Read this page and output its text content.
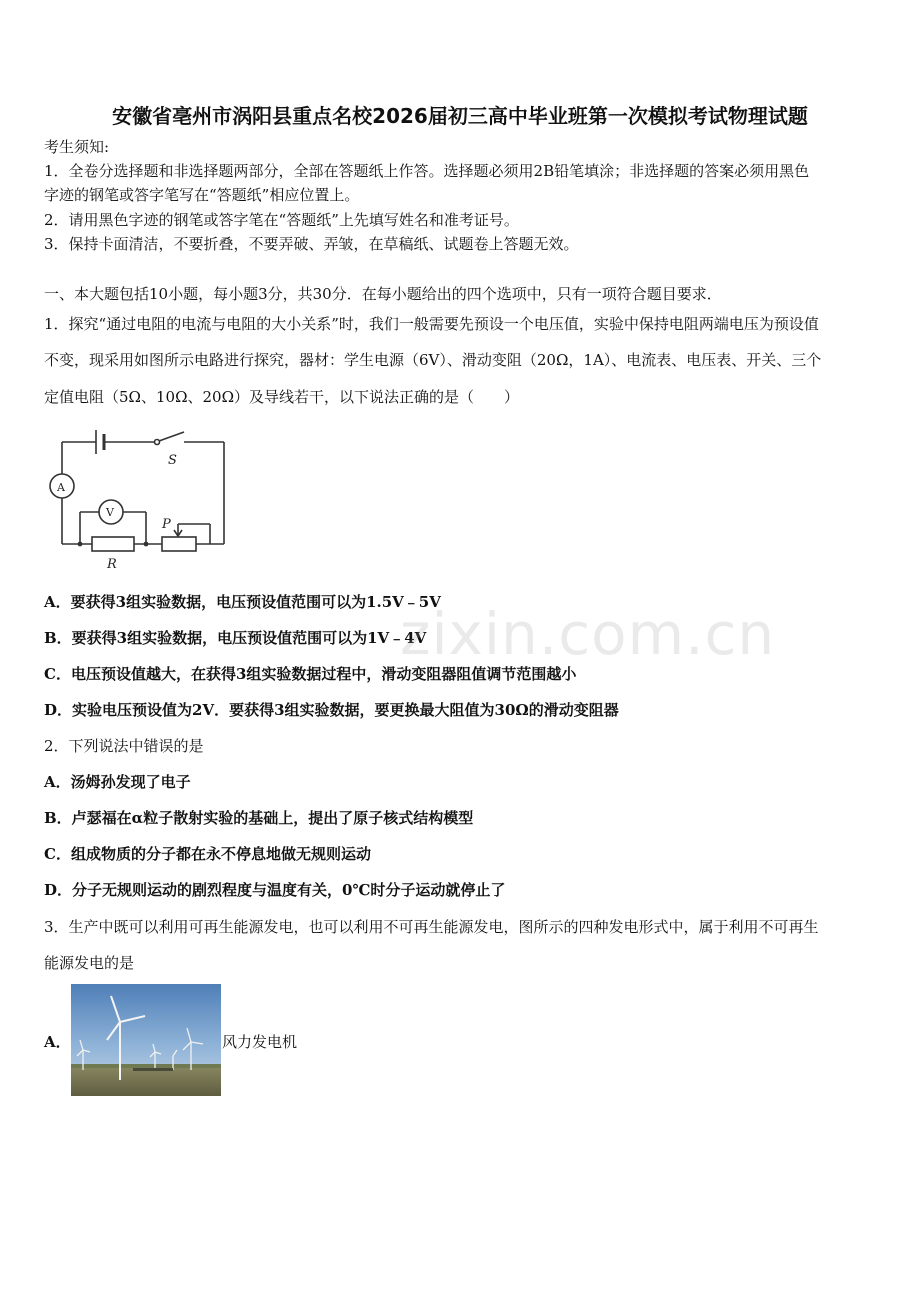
安徽省亳州市涡阳县重点名校2026届初三高中毕业班第一次模拟考试物理试题
考生须知:
1．全卷分选择题和非选择题两部分，全部在答题纸上作答。选择题必须用2B铅笔填涂；非选择题的答案必须用黑色
字迹的钢笔或答字笔写在“答题纸”相应位置上。
2．请用黑色字迹的钢笔或答字笔在“答题纸”上先填写姓名和准考证号。
3．保持卡面清洁，不要折叠，不要弄破、弄皱，在草稿纸、试题卷上答题无效。
一、本大题包括10小题，每小题3分，共30分．在每小题给出的四个选项中，只有一项符合题目要求．
1．探究“通过电阻的电流与电阻的大小关系”时，我们一般需要先预设一个电压值，实验中保持电阻两端电压为预设值
不变，现采用如图所示电路进行探究，器材：学生电源（6V）、滑动变阻（20Ω，1A）、电流表、电压表、开关、三个
定值电阻（5Ω、10Ω、20Ω）及导线若干，以下说法正确的是（　　）
S
A
V
P
R
A．要获得3组实验数据，电压预设值范围可以为1.5V﹣5V
B．要获得3组实验数据，电压预设值范围可以为1V﹣4V
C．电压预设值越大，在获得3组实验数据过程中，滑动变阻器阻值调节范围越小
D．实验电压预设值为2V．要获得3组实验数据，要更换最大阻值为30Ω的滑动变阻器
2．下列说法中错误的是
A．汤姆孙发现了电子
B．卢瑟福在α粒子散射实验的基础上，提出了原子核式结构模型
C．组成物质的分子都在永不停息地做无规则运动
D．分子无规则运动的剧烈程度与温度有关，0℃时分子运动就停止了
3．生产中既可以利用可再生能源发电，也可以利用不可再生能源发电，图所示的四种发电形式中，属于利用不可再生
能源发电的是
A．	风力发电机
zixin.com.cn
